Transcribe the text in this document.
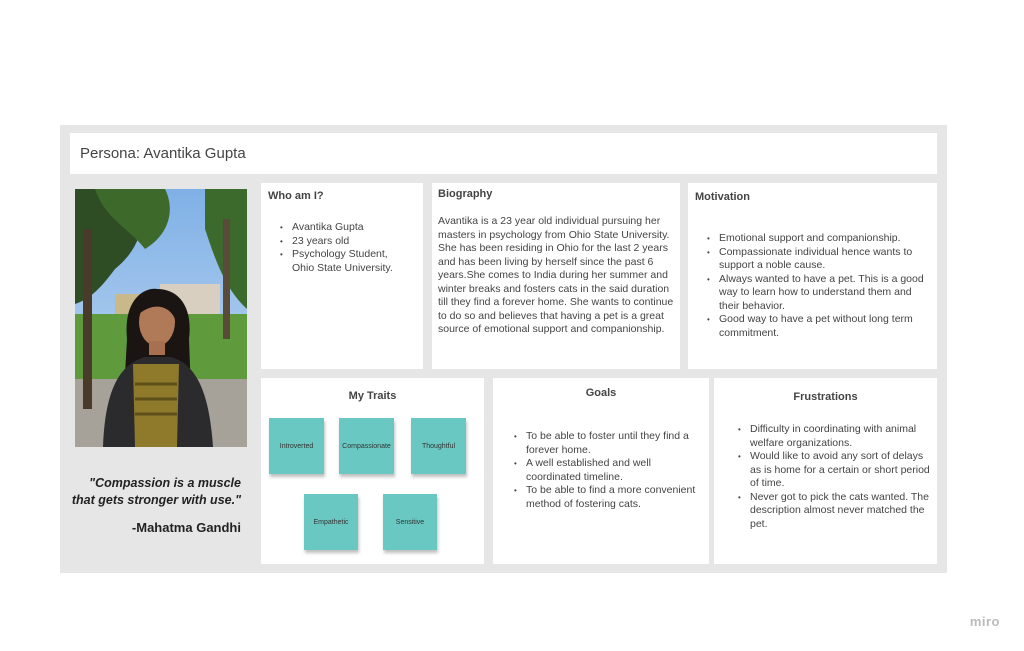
Persona: Avantika Gupta
"Compassion is a muscle that gets stronger with use."
-Mahatma Gandhi
Who am I?
• Avantika Gupta
• 23 years old
• Psychology Student, Ohio State University.
Biography

Avantika is a 23 year old individual pursuing her masters in psychology from Ohio State University. She has been residing in Ohio for the last 2 years and has been living by herself since the past 6 years.She comes to India during her summer and winter breaks and fosters cats in the said duration till they find a forever home. She wants to continue to do so and believes that having a pet is a great source of emotional support and companionship.

Motivation
• Emotional support and companionship.
• Compassionate individual hence wants to support a noble cause.
• Always wanted to have a pet. This is a good way to learn how to understand them and their behavior.
• Good way to have a pet without long term commitment.
My Traits
Introverted	Compassionate	Thoughtful
Empathetic	Sensitive
Goals
• To be able to foster until they find a forever home.
• A well established and well coordinated timeline.
• To be able to find a more convenient method of fostering cats.
Frustrations
• Difficulty in coordinating with animal welfare organizations.
• Would like to avoid any sort of delays as is home for a certain or short period of time.
• Never got to pick the cats wanted. The description almost never matched the pet.
miro
